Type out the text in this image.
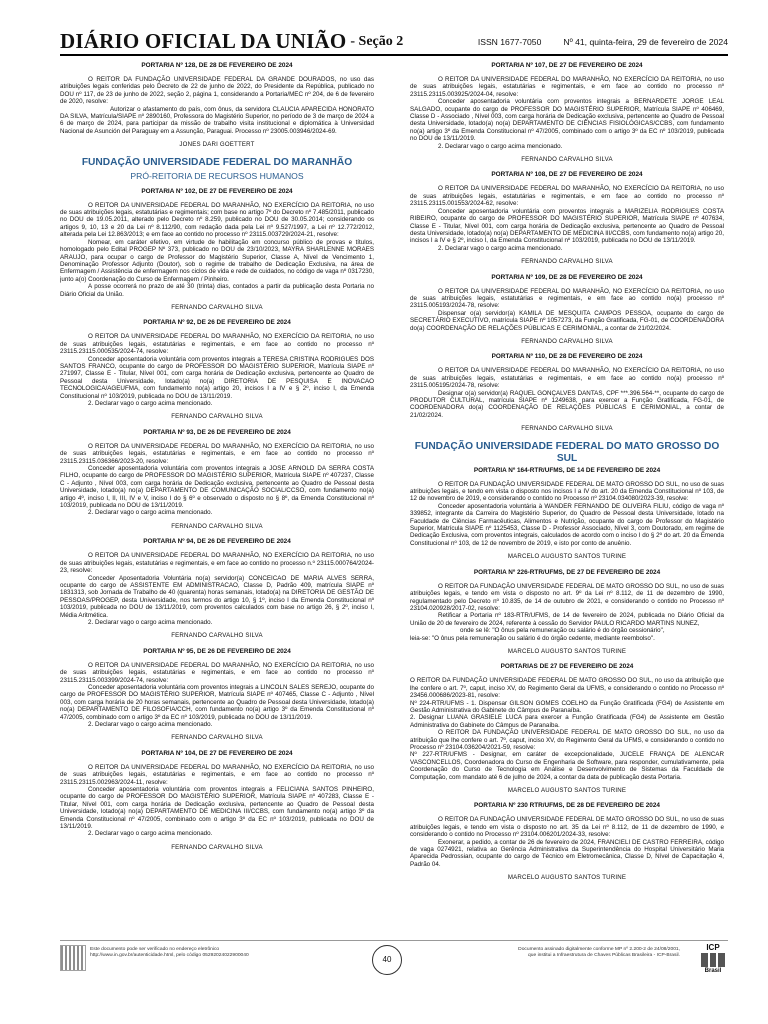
DIÁRIO OFICIAL DA UNIÃO - Seção 2	ISSN 1677-7050	Nº 41, quinta-feira, 29 de fevereiro de 2024
PORTARIA Nº 128, DE 28 DE FEVEREIRO DE 2024

O REITOR DA FUNDAÇÃO UNIVERSIDADE FEDERAL DA GRANDE DOURADOS, no uso das atribuições legais conferidas pelo Decreto de 22 de junho de 2022, do Presidente da República, publicado no DOU nº 117, de 23 de junho de 2022, seção 2, página 1, considerando a Portaria/MEC nº 204, de 6 de fevereiro de 2020, resolve:

Autorizar o afastamento do país, com ônus, da servidora CLAUCIA APARECIDA HONORATO DA SILVA, Matrícula/SIAPE nº 2890160, Professora do Magistério Superior, no período de 3 de março de 2024 a 6 de março de 2024, para participar da missão de trabalho visita institucional e diplomática à Universidad Nacional de Asunción del Paraguay em a Assunção, Paraguai. Processo nº 23005.003946/2024-69.

JONES DARI GOETTERT
FUNDAÇÃO UNIVERSIDADE FEDERAL DO MARANHÃO
PRÓ-REITORIA DE RECURSOS HUMANOS
PORTARIA Nº 102, DE 27 DE FEVEREIRO DE 2024

O REITOR DA UNIVERSIDADE FEDERAL DO MARANHÃO, NO EXERCÍCIO DA REITORIA, no uso de suas atribuições legais, estatutárias e regimentais; com base no artigo 7º do Decreto nº 7.485/2011, publicado no DOU de 19.05.2011, alterado pelo Decreto nº 8.259, publicado no DOU de 30.05.2014; considerando os artigos 9, 10, 13 e 20 da Lei nº 8.112/90, com redação dada pela Lei nº 9.527/1997, a Lei nº 12.772/2012, alterada pela Lei 12.863/2013; e em face ao contido no processo nº 23115.003729/2024-21, resolve:

Nomear, em caráter efetivo, em virtude de habilitação em concurso público de provas e títulos, homologado pelo Edital PROGEP Nº 373, publicado no DOU de 23/10/2023, MAYRA SHARLENNE MORAES ARAUJO, para ocupar o cargo de Professor do Magistério Superior, Classe A, Nível de Vencimento 1, Denominação Professor Adjunto (Doutor), sob o regime de trabalho de Dedicação Exclusiva, na área de Enfermagem / Assistência de enfermagem nos ciclos de vida e rede de cuidados, no código de vaga nº 0317230, junto a(o) Coordenação do Curso de Enfermagem / Pinheiro.

A posse ocorrerá no prazo de até 30 (trinta) dias, contados a partir da publicação desta Portaria no Diário Oficial da União.

FERNANDO CARVALHO SILVA
PORTARIA Nº 92, DE 26 DE FEVEREIRO DE 2024

O REITOR DA UNIVERSIDADE FEDERAL DO MARANHÃO, NO EXERCÍCIO DA REITORIA, no uso de suas atribuições legais, estatutárias e regimentais, e em face ao contido no processo nº 23115.23115.000535/2024-74, resolve:

Conceder aposentadoria voluntária com proventos integrais a TERESA CRISTINA RODRIGUES DOS SANTOS FRANCO, ocupante do cargo de PROFESSOR DO MAGISTÉRIO SUPERIOR, Matrícula SIAPE nº 271997, Classe E - Titular, Nível 001, com carga horária de Dedicação exclusiva, pertencente ao Quadro de Pessoal desta Universidade, lotado(a) no(a) DIRETORIA DE PESQUISA E INOVACAO TECNOLOGICA/AGEUFMA, com fundamento no(a) artigo 20, incisos I a IV e § 2º, inciso I, da Emenda Constitucional nº 103/2019, publicada no DOU de 13/11/2019.

2. Declarar vago o cargo acima mencionado.

FERNANDO CARVALHO SILVA
PORTARIA Nº 93, DE 26 DE FEVEREIRO DE 2024

O REITOR DA UNIVERSIDADE FEDERAL DO MARANHÃO, NO EXERCÍCIO DA REITORIA, no uso de suas atribuições legais, estatutárias e regimentais, e em face ao contido no processo nº 23115.23115.036366/2023-20, resolve:

Conceder aposentadoria voluntária com proventos integrais a JOSE ARNOLD DA SERRA COSTA FILHO, ocupante do cargo de PROFESSOR DO MAGISTÉRIO SUPERIOR, Matrícula SIAPE nº 407237, Classe C - Adjunto , Nível 003, com carga horária de Dedicação exclusiva, pertencente ao Quadro de Pessoal desta Universidade, lotado(a) no(a) DEPARTAMENTO DE COMUNICAÇÃO SOCIAL/CCSO, com fundamento no(a) artigo 4º, inciso I, II, III, IV e V, inciso I do § 6º e observado o disposto no § 8º, da Emenda Constitucional nº 103/2019, publicada no DOU de 13/11/2019.

2. Declarar vago o cargo acima mencionado.

FERNANDO CARVALHO SILVA
PORTARIA Nº 94, DE 26 DE FEVEREIRO DE 2024

O REITOR DA UNIVERSIDADE FEDERAL DO MARANHÃO, NO EXERCÍCIO DA REITORIA, no uso de suas atribuições legais, estatutárias e regimentais, e em face ao contido no processo n.º 23115.000764/2024-23, resolve:

Conceder Aposentadoria Voluntária no(a) servidor(a) CONCEICAO DE MARIA ALVES SERRA, ocupante do cargo de ASSISTENTE EM ADMINISTRACAO, Classe D, Padrão 409, matrícula SIAPE nº 1831313, sob Jornada de Trabalho de 40 (quarenta) horas semanais, lotado(a) na DIRETORIA DE GESTÃO DE PESSOAS/PROGEP, desta Universidade, nos termos do artigo 10, § 1º, inciso I da Emenda Constitucional nº 103/2019, publicada no DOU de 13/11/2019, com proventos calculados com base no artigo 26, § 2º, inciso I, Média Aritmética.

2. Declarar vago o cargo acima mencionado.

FERNANDO CARVALHO SILVA
PORTARIA Nº 95, DE 26 DE FEVEREIRO DE 2024

O REITOR DA UNIVERSIDADE FEDERAL DO MARANHÃO, NO EXERCÍCIO DA REITORIA, no uso de suas atribuições legais, estatutárias e regimentais, e em face ao contido no processo nº 23115.23115.003399/2024-74, resolve:

Conceder aposentadoria voluntária com proventos integrais a LINCOLN SALES SEREJO, ocupante do cargo de PROFESSOR DO MAGISTÉRIO SUPERIOR, Matrícula SIAPE nº 407465, Classe C - Adjunto , Nível 003, com carga horária de 20 horas semanais, pertencente ao Quadro de Pessoal desta Universidade, lotado(a) no(a) DEPARTAMENTO DE FILOSOFIA/CCH, com fundamento no(a) artigo 3º da Emenda Constitucional nº 47/2005, combinado com o artigo 3º da EC nº 103/2019, publicada no DOU de 13/11/2019.

2. Declarar vago o cargo acima mencionado.

FERNANDO CARVALHO SILVA
PORTARIA Nº 104, DE 27 DE FEVEREIRO DE 2024

O REITOR DA UNIVERSIDADE FEDERAL DO MARANHÃO, NO EXERCÍCIO DA REITORIA, no uso de suas atribuições legais, estatutárias e regimentais, e em face ao contido no processo nº 23115.23115.002963/2024-11, resolve:

Conceder aposentadoria voluntária com proventos integrais a FELICIANA SANTOS PINHEIRO, ocupante do cargo de PROFESSOR DO MAGISTÉRIO SUPERIOR, Matrícula SIAPE nº 407283, Classe E - Titular, Nível 001, com carga horária de Dedicação exclusiva, pertencente ao Quadro de Pessoal desta Universidade, lotado(a) no(a) DEPARTAMENTO DE MEDICINA III/CCBS, com fundamento no(a) artigo 3º da Emenda Constitucional nº 47/2005, combinado com o artigo 3º da EC nº 103/2019, publicada no DOU de 13/11/2019.

2. Declarar vago o cargo acima mencionado.

FERNANDO CARVALHO SILVA
PORTARIA Nº 107, DE 27 DE FEVEREIRO DE 2024

O REITOR DA UNIVERSIDADE FEDERAL DO MARANHÃO, NO EXERCÍCIO DA REITORIA, no uso de suas atribuições legais, estatutárias e regimentais, e em face ao contido no processo nº 23115.23115.003925/2024-04, resolve:

Conceder aposentadoria voluntária com proventos integrais a BERNARDETE JORGE LEAL SALGADO, ocupante do cargo de PROFESSOR DO MAGISTÉRIO SUPERIOR, Matrícula SIAPE nº 406469, Classe D - Associado , Nível 003, com carga horária de Dedicação exclusiva, pertencente ao Quadro de Pessoal desta Universidade, lotado(a) no(a) DEPARTAMENTO DE CIÊNCIAS FISIOLÓGICAS/CCBS, com fundamento no(a) artigo 3º da Emenda Constitucional nº 47/2005, combinado com o artigo 3º da EC nº 103/2019, publicada no DOU de 13/11/2019.

2. Declarar vago o cargo acima mencionado.

FERNANDO CARVALHO SILVA
PORTARIA Nº 108, DE 27 DE FEVEREIRO DE 2024

O REITOR DA UNIVERSIDADE FEDERAL DO MARANHÃO, NO EXERCÍCIO DA REITORIA, no uso de suas atribuições legais, estatutárias e regimentais, e em face ao contido no processo nº 23115.23115.001553/2024-62, resolve:

Conceder aposentadoria voluntária com proventos integrais a MARIZELIA RODRIGUES COSTA RIBEIRO, ocupante do cargo de PROFESSOR DO MAGISTÉRIO SUPERIOR, Matrícula SIAPE nº 407634, Classe E - Titular, Nível 001, com carga horária de Dedicação exclusiva, pertencente ao Quadro de Pessoal desta Universidade, lotado(a) no(a) DEPARTAMENTO DE MEDICINA III/CCBS, com fundamento no(a) artigo 20, incisos I a IV e § 2º, inciso I, da Emenda Constitucional nº 103/2019, publicada no DOU de 13/11/2019.

2. Declarar vago o cargo acima mencionado.

FERNANDO CARVALHO SILVA
PORTARIA Nº 109, DE 28 DE FEVEREIRO DE 2024

O REITOR DA UNIVERSIDADE FEDERAL DO MARANHÃO, NO EXERCÍCIO DA REITORIA, no uso de suas atribuições legais, estatutárias e regimentais, e em face ao contido no(a) processo nº 23115.005193/2024-78, resolve:

Dispensar o(a) servidor(a) KAMILA DE MESQUITA CAMPOS PESSOA, ocupante do cargo de SECRETÁRIO EXECUTIVO, matrícula SIAPE nº 1057273, da Função Gratificada, FG-01, de COORDENADORA do(a) COORDENAÇÃO DE RELAÇÕES PÚBLICAS E CERIMONIAL, a contar de 21/02/2024.

FERNANDO CARVALHO SILVA
PORTARIA Nº 110, DE 28 DE FEVEREIRO DE 2024

O REITOR DA UNIVERSIDADE FEDERAL DO MARANHÃO, NO EXERCÍCIO DA REITORIA, no uso de suas atribuições legais, estatutárias e regimentais, e em face ao contido no(a) processo nº 23115.005195/2024-78, resolve:

Designar o(a) servidor(a) RAQUEL GONÇALVES DANTAS, CPF ***.396.564-**, ocupante do cargo de PRODUTOR CULTURAL, matrícula SIAPE nº 1249638, para exercer a Função Gratificada, FG-01, de COORDENADORA do(a) COORDENAÇÃO DE RELAÇÕES PÚBLICAS E CERIMONIAL, a contar de 21/02/2024.

FERNANDO CARVALHO SILVA
FUNDAÇÃO UNIVERSIDADE FEDERAL DO MATO GROSSO DO SUL
PORTARIA Nº 164-RTR/UFMS, DE 14 DE FEVEREIRO DE 2024

O REITOR DA FUNDAÇÃO UNIVERSIDADE FEDERAL DE MATO GROSSO DO SUL, no uso de suas atribuições legais, e tendo em vista o disposto nos incisos I a IV do art. 20 da Emenda Constitucional nº 103, de 12 de novembro de 2019, e considerando o contido no Processo nº 23104.034080/2023-39, resolve:

Conceder aposentadoria voluntária à WANDER FERNANDO DE OLIVEIRA FILIU, código de vaga nº 339852, integrante da Carreira do Magistério Superior, do Quadro de Pessoal desta Universidade, lotado na Faculdade de Ciências Farmacêuticas, Alimentos e Nutrição, ocupante do cargo de Professor do Magistério Superior, Matrícula SIAPE nº 1125453, Classe D - Professor Associado, Nível 3, com Doutorado, em regime de Dedicação Exclusiva, com proventos integrais, calculados de acordo com o inciso I do § 2º do art. 20 da Emenda Constitucional nº 103, de 12 de novembro de 2019, e isto por conto de anuênio.

MARCELO AUGUSTO SANTOS TURINE
PORTARIA Nº 226-RTR/UFMS, DE 27 DE FEVEREIRO DE 2024

O REITOR DA FUNDAÇÃO UNIVERSIDADE FEDERAL DE MATO GROSSO DO SUL, no uso de suas atribuições legais, e tendo em vista o disposto no art. 9º da Lei nº 8.112, de 11 de dezembro de 1990, regulamentado pelo Decreto nº 10.835, de 14 de outubro de 2021, e considerando o contido no Processo nº 23104.020928/2017-02, resolve:

Retificar a Portaria nº 183-RTR/UFMS, de 14 de fevereiro de 2024, publicada no Diário Oficial da União de 20 de fevereiro de 2024, referente à cessão do Servidor PAULO RICARDO MARTINS NUNEZ,

onde se lê: "O ônus pela remuneração ou salário é do órgão cessionário",

leia-se: "O ônus pela remuneração ou salário é do órgão cedente, mediante reembolso".

MARCELO AUGUSTO SANTOS TURINE
PORTARIAS DE 27 DE FEVEREIRO DE 2024

O REITOR DA FUNDAÇÃO UNIVERSIDADE FEDERAL DE MATO GROSSO DO SUL, no uso da atribuição que lhe confere o art. 7º, caput, inciso XV, do Regimento Geral da UFMS, e considerando o contido no Processo nº 23456.000686/2023-81, resolve:

Nº 224-RTR/UFMS - 1. Dispensar GILSON GOMES COELHO da Função Gratificada (FG4) de Assistente em Gestão Administrativa do Gabinete do Câmpus de Paranaíba.

2. Designar LUANA GRASIELE LUCA para exercer a Função Gratificada (FG4) de Assistente em Gestão Administrativa do Gabinete do Câmpus de Paranaíba.

O REITOR DA FUNDAÇÃO UNIVERSIDADE FEDERAL DE MATO GROSSO DO SUL, no uso da atribuição que lhe confere o art. 7º, caput, inciso XV, do Regimento Geral da UFMS, e considerando o contido no Processo nº 23104.036204/2021-59, resolve:

Nº 227-RTR/UFMS - Designar, em caráter de excepcionalidade, JUCELE FRANÇA DE ALENCAR VASCONCELLOS, Coordenadora do Curso de Engenharia de Software, para responder, cumulativamente, pela Coordenação do Curso de Tecnologia em Análise e Desenvolvimento de Sistemas da Faculdade de Computação, com mandato até 6 de julho de 2024, a contar da data de publicação desta Portaria.

MARCELO AUGUSTO SANTOS TURINE
PORTARIA Nº 230 RTR/UFMS, DE 28 DE FEVEREIRO DE 2024

O REITOR DA FUNDAÇÃO UNIVERSIDADE FEDERAL DE MATO GROSSO DO SUL, no uso de suas atribuições legais, e tendo em vista o disposto no art. 35 da Lei nº 8.112, de 11 de dezembro de 1990, e considerando o contido no Processo nº 23104.006201/2024-33, resolve:

Exonerar, a pedido, a contar de 26 de fevereiro de 2024, FRANCIELI DE CASTRO FERREIRA, código de vaga 0274921, relativa ao Gerência Administrativa da Superintendência do Hospital Universitário Maria Aparecida Pedrossian, ocupante do cargo de Técnico em Eletromecânica, Classe D, Nível de Capacitação 4, Padrão 04.

MARCELO AUGUSTO SANTOS TURINE
Este documento pode ser verificado no endereço eletrônico
http://www.in.gov.br/autenticidade.html, pelo código 05292024022900040	40
Documento assinado digitalmente conforme MP nº 2.200-2 de 24/08/2001,
que institui a Infraestrutura de Chaves Públicas Brasileira - ICP-Brasil.
ICP
Brasil
